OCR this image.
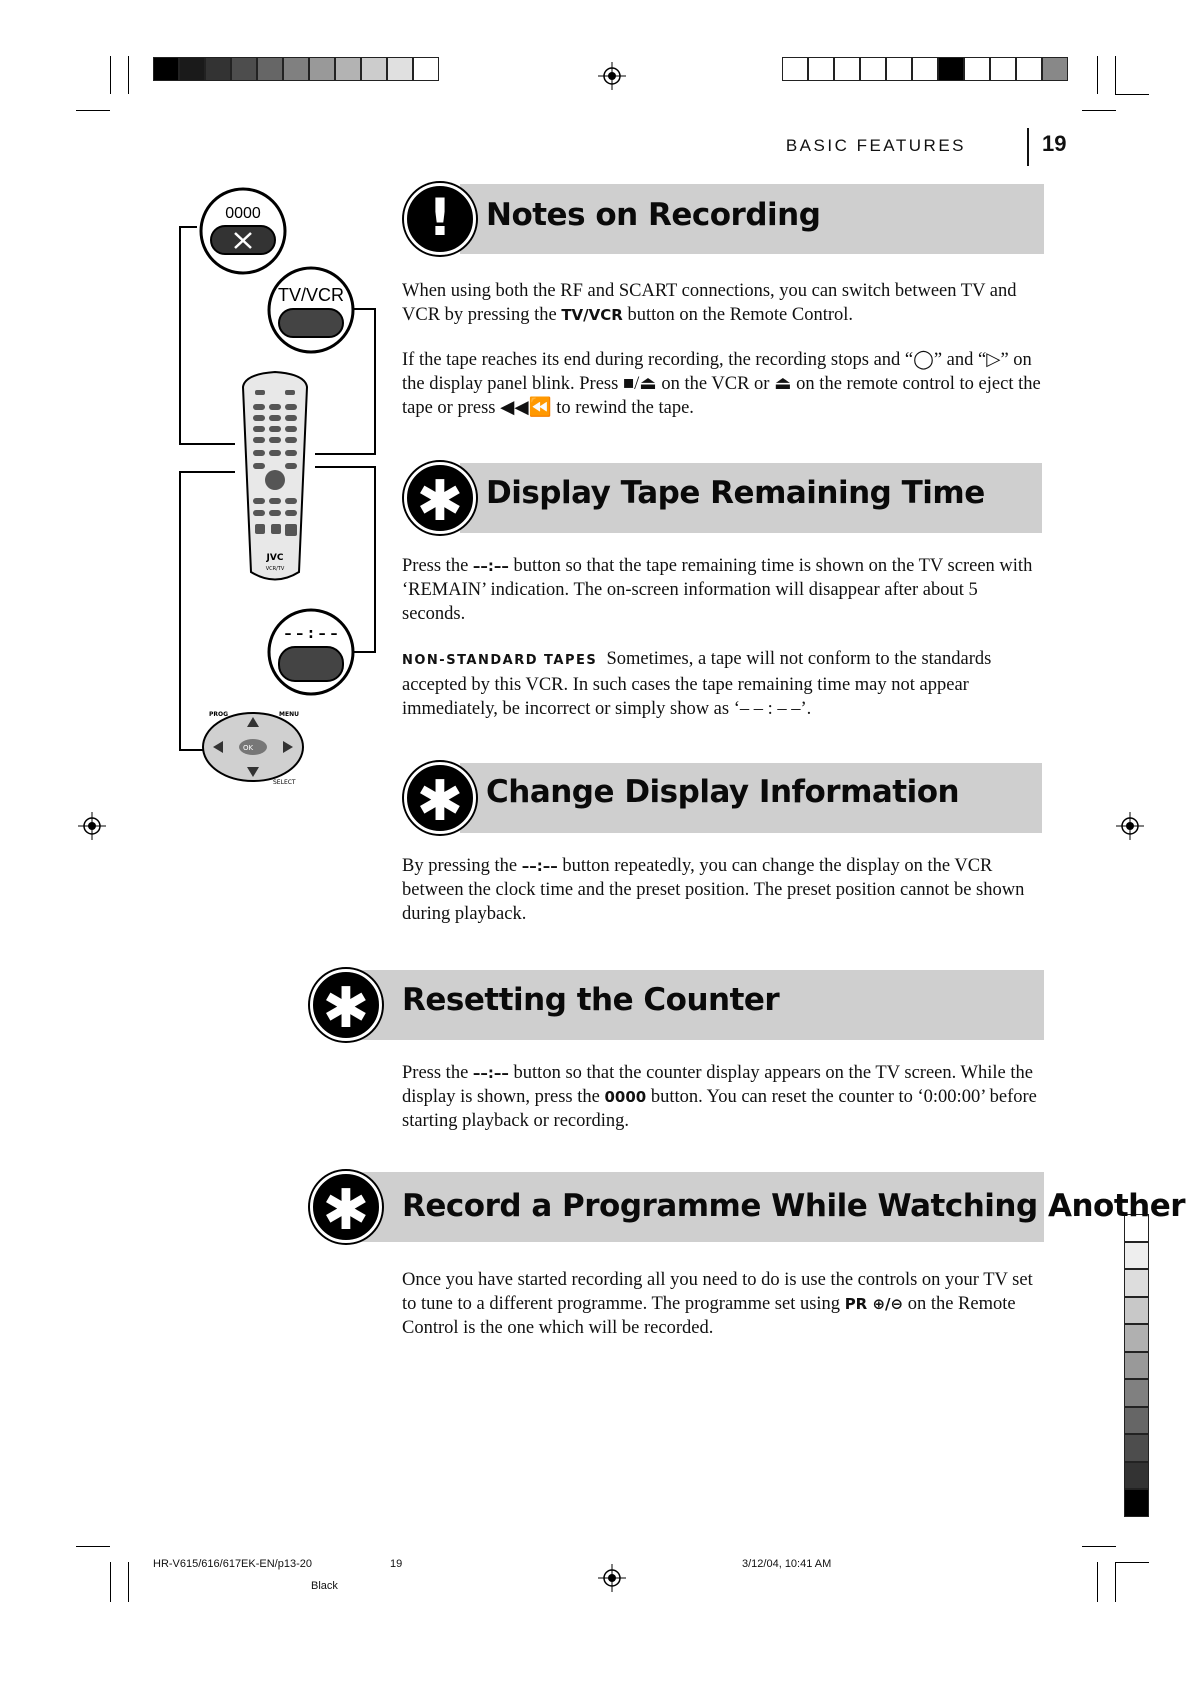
BASIC FEATURES	19
0000
TV/VCR
JVC
VCR/TV
– – : – –
OK
PROG	MENU
SELECT
!	Notes on Recording
When using both the RF and SCART connections, you can switch between TV and VCR by pressing the TV/VCR button on the Remote Control.
If the tape reaches its end during recording, the recording stops and “◯” and “▷” on the display panel blink. Press ■/⏏ on the VCR or ⏏ on the remote control to eject the tape or press ◀◀⏪ to rewind the tape.
✱ Display Tape Remaining Time
Press the ––:–– button so that the tape remaining time is shown on the TV screen with ‘REMAIN’ indication. The on-screen information will disappear after about 5 seconds.
NON-STANDARD TAPES Sometimes, a tape will not conform to the standards accepted by this VCR. In such cases the tape remaining time may not appear immediately, be incorrect or simply show as ‘– – : – –’.
✱ Change Display Information
By pressing the ––:–– button repeatedly, you can change the display on the VCR between the clock time and the preset position. The preset position cannot be shown during playback.
✱	Resetting the Counter
Press the ––:–– button so that the counter display appears on the TV screen. While the display is shown, press the 0000 button. You can reset the counter to ‘0:00:00’ before starting playback or recording.
✱	Record a Programme While Watching Another
Once you have started recording all you need to do is use the controls on your TV set to tune to a different programme. The programme set using PR ⊕/⊖ on the Remote Control is the one which will be recorded.
HR-V615/616/617EK-EN/p13-20	19	3/12/04, 10:41 AM
Black
